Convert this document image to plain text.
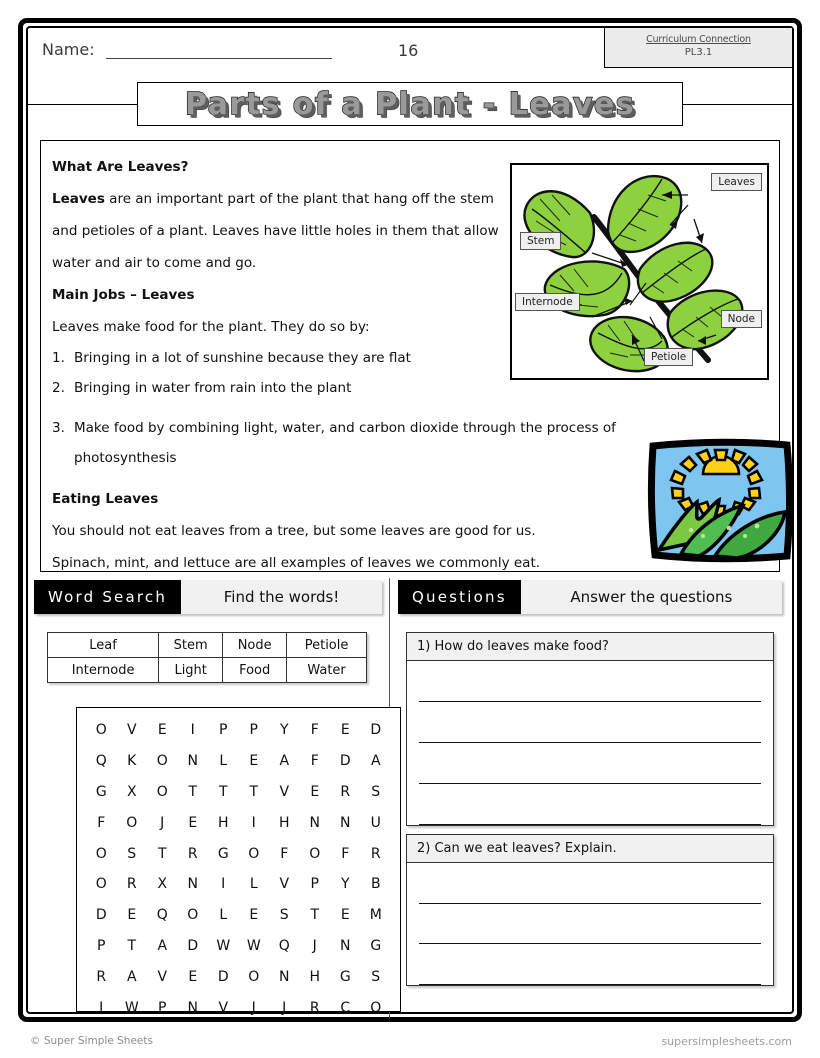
Name:	16
Curriculum Connection
PL3.1
Parts of a Plant - Leaves
What Are Leaves?
Leaves are an important part of the plant that hang off the stem and petioles of a plant. Leaves have little holes in them that allow water and air to come and go.
Main Jobs – Leaves
Leaves make food for the plant. They do so by:
1. Bringing in a lot of sunshine because they are flat
2. Bringing in water from rain into the plant
3. Make food by combining light, water, and carbon dioxide through the process of photosynthesis
Eating Leaves
You should not eat leaves from a tree, but some leaves are good for us.
Spinach, mint, and lettuce are all examples of leaves we commonly eat.
Leaves
Stem
Internode
Node
Petiole
Word Search	Find the words!
Leaf	Stem	Node	Petiole
Internode	Light	Food	Water
O	V	E	I	P	P	Y	F	E	D
Q	K	O	N	L	E	A	F	D	A
G	X	O	T	T	T	V	E	R	S
F	O	J	E	H	I	H	N	N	U
O	S	T	R	G	O	F	O	F	R
O	R	X	N	I	L	V	P	Y	B
D	E	Q	O	L	E	S	T	E	M
P	T	A	D	W	W	Q	J	N	G
R	A	V	E	D	O	N	H	G	S
I	W	P	N	V	J	J	R	C	O
Questions	Answer the questions
1) How do leaves make food?
2) Can we eat leaves? Explain.
© Super Simple Sheets	supersimplesheets.com
